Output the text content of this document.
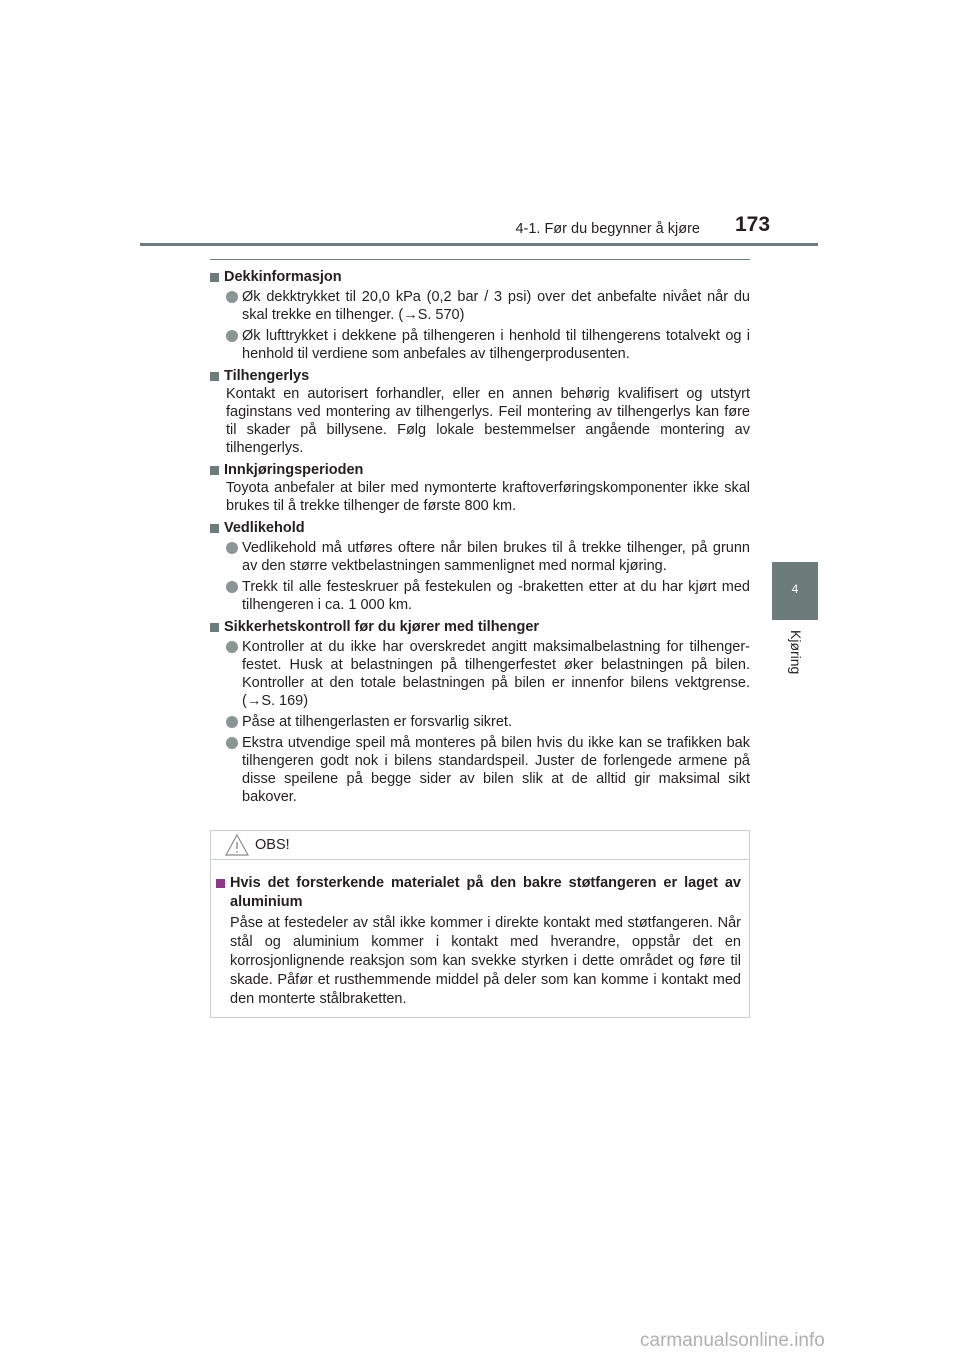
4-1. Før du begynner å kjøre 173
4
Kjøring
Dekkinformasjon
Øk dekktrykket til 20,0 kPa (0,2 bar / 3 psi) over det anbefalte nivået når du skal trekke en tilhenger. (→S. 570)
Øk lufttrykket i dekkene på tilhengeren i henhold til tilhengerens totalvekt og i henhold til verdiene som anbefales av tilhengerprodusenten.
Tilhengerlys
Kontakt en autorisert forhandler, eller en annen behørig kvalifisert og utstyrt faginstans ved montering av tilhengerlys. Feil montering av tilhengerlys kan føre til skader på billysene. Følg lokale bestemmelser angående montering av tilhengerlys.
Innkjøringsperioden
Toyota anbefaler at biler med nymonterte kraftoverføringskomponenter ikke skal brukes til å trekke tilhenger de første 800 km.
Vedlikehold
Vedlikehold må utføres oftere når bilen brukes til å trekke tilhenger, på grunn av den større vektbelastningen sammenlignet med normal kjøring.
Trekk til alle festeskruer på festekulen og -braketten etter at du har kjørt med tilhengeren i ca. 1 000 km.
Sikkerhetskontroll før du kjører med tilhenger
Kontroller at du ikke har overskredet angitt maksimalbelastning for tilhenger-festet. Husk at belastningen på tilhengerfestet øker belastningen på bilen. Kontroller at den totale belastningen på bilen er innenfor bilens vektgrense. (→S. 169)
Påse at tilhengerlasten er forsvarlig sikret.
Ekstra utvendige speil må monteres på bilen hvis du ikke kan se trafikken bak tilhengeren godt nok i bilens standardspeil. Juster de forlengede armene på disse speilene på begge sider av bilen slik at de alltid gir maksimal sikt bakover.
OBS!
Hvis det forsterkende materialet på den bakre støtfangeren er laget av aluminium
Påse at festedeler av stål ikke kommer i direkte kontakt med støtfangeren. Når stål og aluminium kommer i kontakt med hverandre, oppstår det en korrosjonlignende reaksjon som kan svekke styrken i dette området og føre til skade. Påfør et rusthemmende middel på deler som kan komme i kontakt med den monterte stålbraketten.
carmanualsonline.info
